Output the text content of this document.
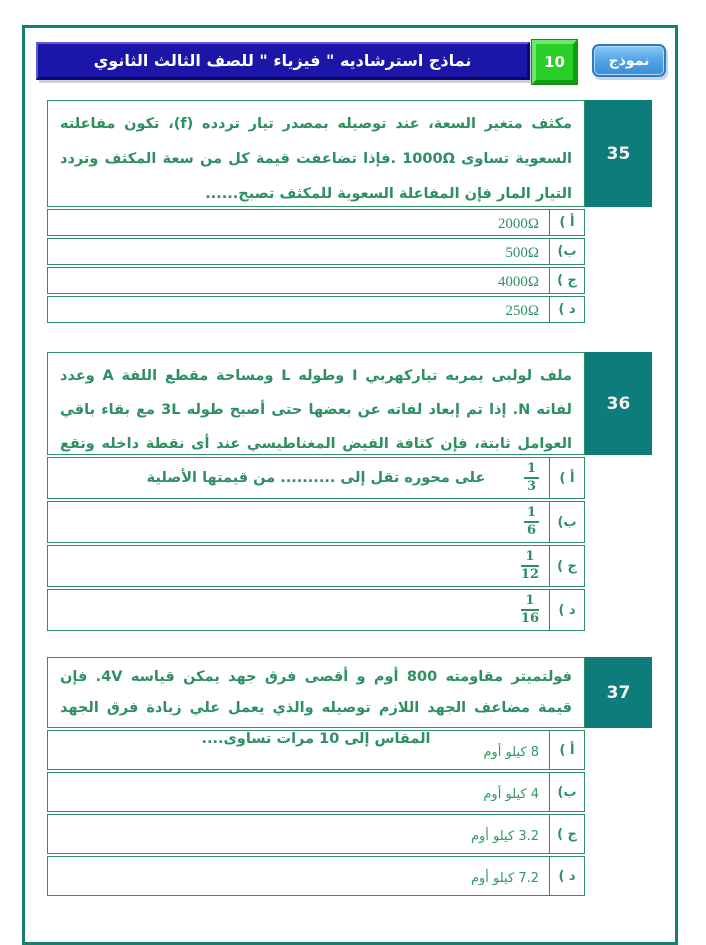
نماذج استرشاديه " فيزياء " للصف الثالث الثانوي	10	نموذج
35
مكثف متغير السعة، عند توصيله بمصدر تيار تردده (f)، تكون مفاعلته السعوية تساوى 1000Ω .فإذا تضاعفت قيمة كل من سعة المكثف وتردد التيار المار فإن المفاعلة السعوية للمكثف تصبح......
أ )
2000Ω
ب)
500Ω
ج )
4000Ω
د )
250Ω
36
ملف لولبى يمربه تياركهربي I وطوله L ومساحة مقطع اللفة A وعدد لفاته N. إذا تم إبعاد لفاته عن بعضها حتى أصبح طوله 3L مع بقاء باقي العوامل ثابتة، فإن كثافة الفيض المغناطيسي عند أى نقطة داخله وتقع على محوره تقل إلى .......... من قيمتها الأصلية	أ )
$\frac{1}{3}$
ب)
$\frac{1}{6}$
ج )
$\frac{1}{12}$
د )
$\frac{1}{16}$
37
فولتميتر مقاومته 800 أوم و أقصى فرق جهد يمكن قياسه 4V. فإن قيمة مضاعف الجهد اللازم توصيله والذي يعمل علي زيادة فرق الجهد المقاس إلى 10 مرات تساوى....
أ )
8 كيلو أوم
ب)
4 كيلو أوم
ج )
3.2 كيلو أوم
د )
7.2 كيلو أوم
